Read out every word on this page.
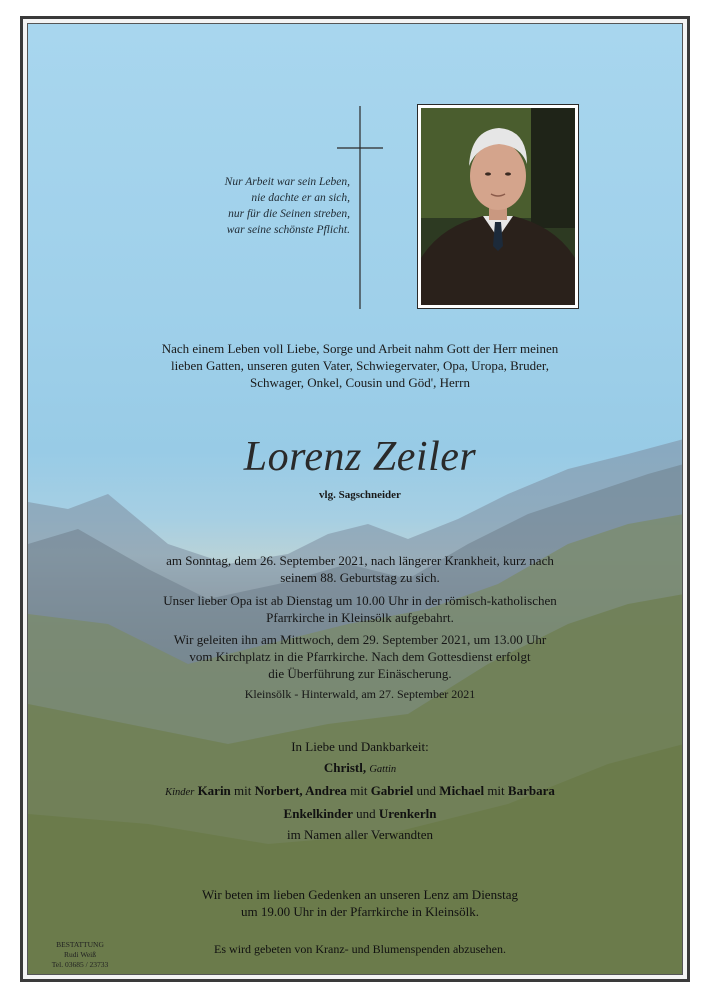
Nur Arbeit war sein Leben,
nie dachte er an sich,
nur für die Seinen streben,
war seine schönste Pflicht.
Nach einem Leben voll Liebe, Sorge und Arbeit nahm Gott der Herr meinen
lieben Gatten, unseren guten Vater, Schwiegervater, Opa, Uropa, Bruder,
Schwager, Onkel, Cousin und Göd', Herrn
Lorenz Zeiler
vlg. Sagschneider
am Sonntag, dem 26. September 2021, nach längerer Krankheit, kurz nach
seinem 88. Geburtstag zu sich.
Unser lieber Opa ist ab Dienstag um 10.00 Uhr in der römisch-katholischen
Pfarrkirche in Kleinsölk aufgebahrt.
Wir geleiten ihn am Mittwoch, dem 29. September 2021, um 13.00 Uhr
vom Kirchplatz in die Pfarrkirche. Nach dem Gottesdienst erfolgt
die Überführung zur Einäscherung.
Kleinsölk - Hinterwald, am 27. September 2021
In Liebe und Dankbarkeit:
Christl, Gattin
Kinder Karin mit Norbert, Andrea mit Gabriel und Michael mit Barbara
Enkelkinder und Urenkerln
im Namen aller Verwandten
Wir beten im lieben Gedenken an unseren Lenz am Dienstag
um 19.00 Uhr in der Pfarrkirche in Kleinsölk.
Es wird gebeten von Kranz- und Blumenspenden abzusehen.
BESTATTUNG
Rudi Weiß
Tel. 03685 / 23733
